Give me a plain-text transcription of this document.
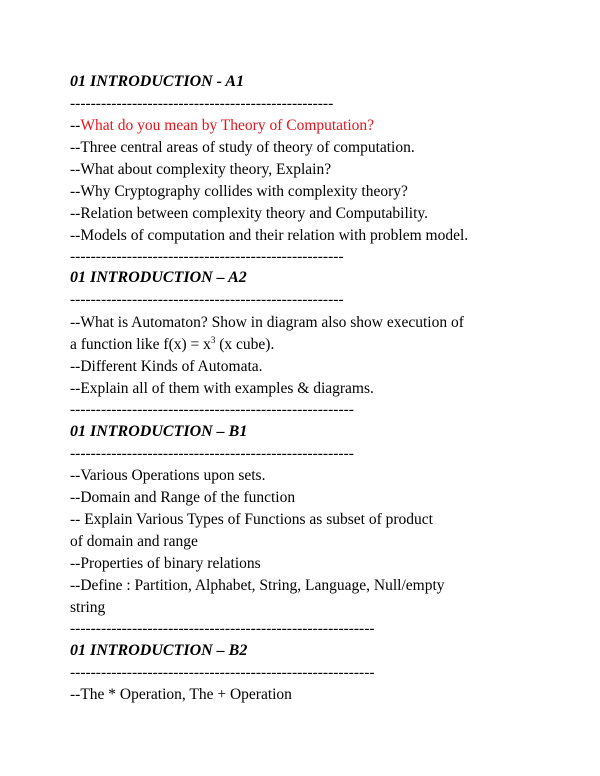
01 INTRODUCTION - A1
---------------------------------------------------
--What do you mean by Theory of Computation?
--Three central areas of study of theory of computation.
--What about complexity theory, Explain?
--Why Cryptography collides with complexity theory?
--Relation between complexity theory and Computability.
--Models of computation and their relation with problem model.
-----------------------------------------------------
01 INTRODUCTION – A2
-----------------------------------------------------
--What is Automaton? Show in diagram also show execution of
a function like $f(x) = x^3$ (x cube).
--Different Kinds of Automata.
--Explain all of them with examples & diagrams.
-------------------------------------------------------
01 INTRODUCTION – B1
-------------------------------------------------------
--Various Operations upon sets.
--Domain and Range of the function
-- Explain Various Types of Functions as subset of product
of domain and range
--Properties of binary relations
--Define : Partition, Alphabet, String, Language, Null/empty
string
-----------------------------------------------------------
01 INTRODUCTION – B2
-----------------------------------------------------------
--The * Operation, The + Operation
